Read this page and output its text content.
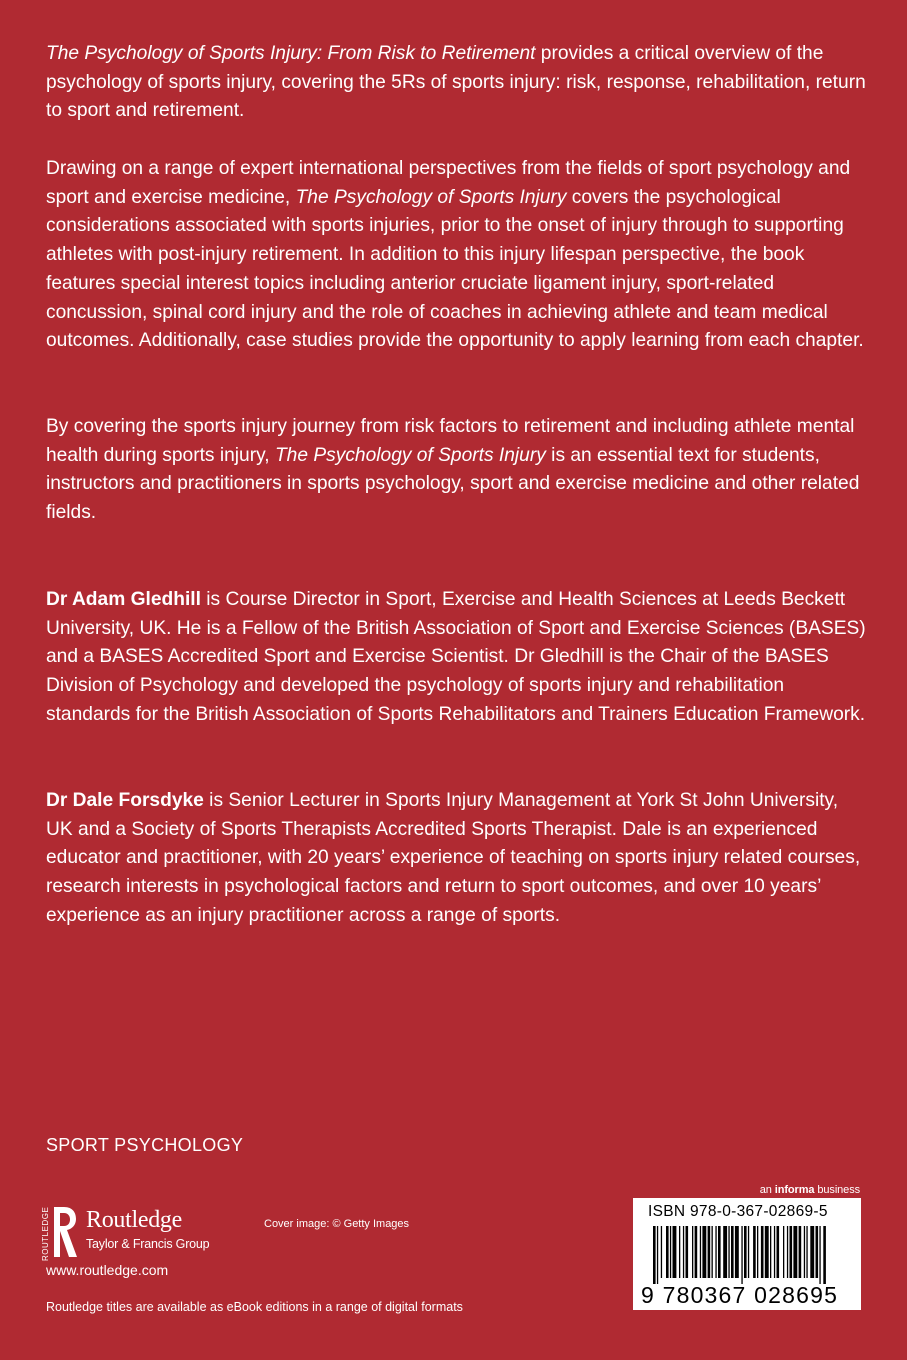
The Psychology of Sports Injury: From Risk to Retirement provides a critical overview of the psychology of sports injury, covering the 5Rs of sports injury: risk, response, rehabilitation, return to sport and retirement.

Drawing on a range of expert international perspectives from the fields of sport psychology and sport and exercise medicine, The Psychology of Sports Injury covers the psychological considerations associated with sports injuries, prior to the onset of injury through to supporting athletes with post-injury retirement. In addition to this injury lifespan perspective, the book features special interest topics including anterior cruciate ligament injury, sport-related concussion, spinal cord injury and the role of coaches in achieving athlete and team medical outcomes. Additionally, case studies provide the opportunity to apply learning from each chapter.

By covering the sports injury journey from risk factors to retirement and including athlete mental health during sports injury, The Psychology of Sports Injury is an essential text for students, instructors and practitioners in sports psychology, sport and exercise medicine and other related fields.

Dr Adam Gledhill is Course Director in Sport, Exercise and Health Sciences at Leeds Beckett University, UK. He is a Fellow of the British Association of Sport and Exercise Sciences (BASES) and a BASES Accredited Sport and Exercise Scientist. Dr Gledhill is the Chair of the BASES Division of Psychology and developed the psychology of sports injury and rehabilitation standards for the British Association of Sports Rehabilitators and Trainers Education Framework.

Dr Dale Forsdyke is Senior Lecturer in Sports Injury Management at York St John University, UK and a Society of Sports Therapists Accredited Sports Therapist. Dale is an experienced educator and practitioner, with 20 years’ experience of teaching on sports injury related courses, research interests in psychological factors and return to sport outcomes, and over 10 years’ experience as an injury practitioner across a range of sports.

SPORT PSYCHOLOGY
ROUTLEDGE Routledge
Taylor & Francis Group
www.routledge.com
Cover image: © Getty Images
Routledge titles are available as eBook editions in a range of digital formats
an informa business
ISBN 978-0-367-02869-5
9 780367 028695
